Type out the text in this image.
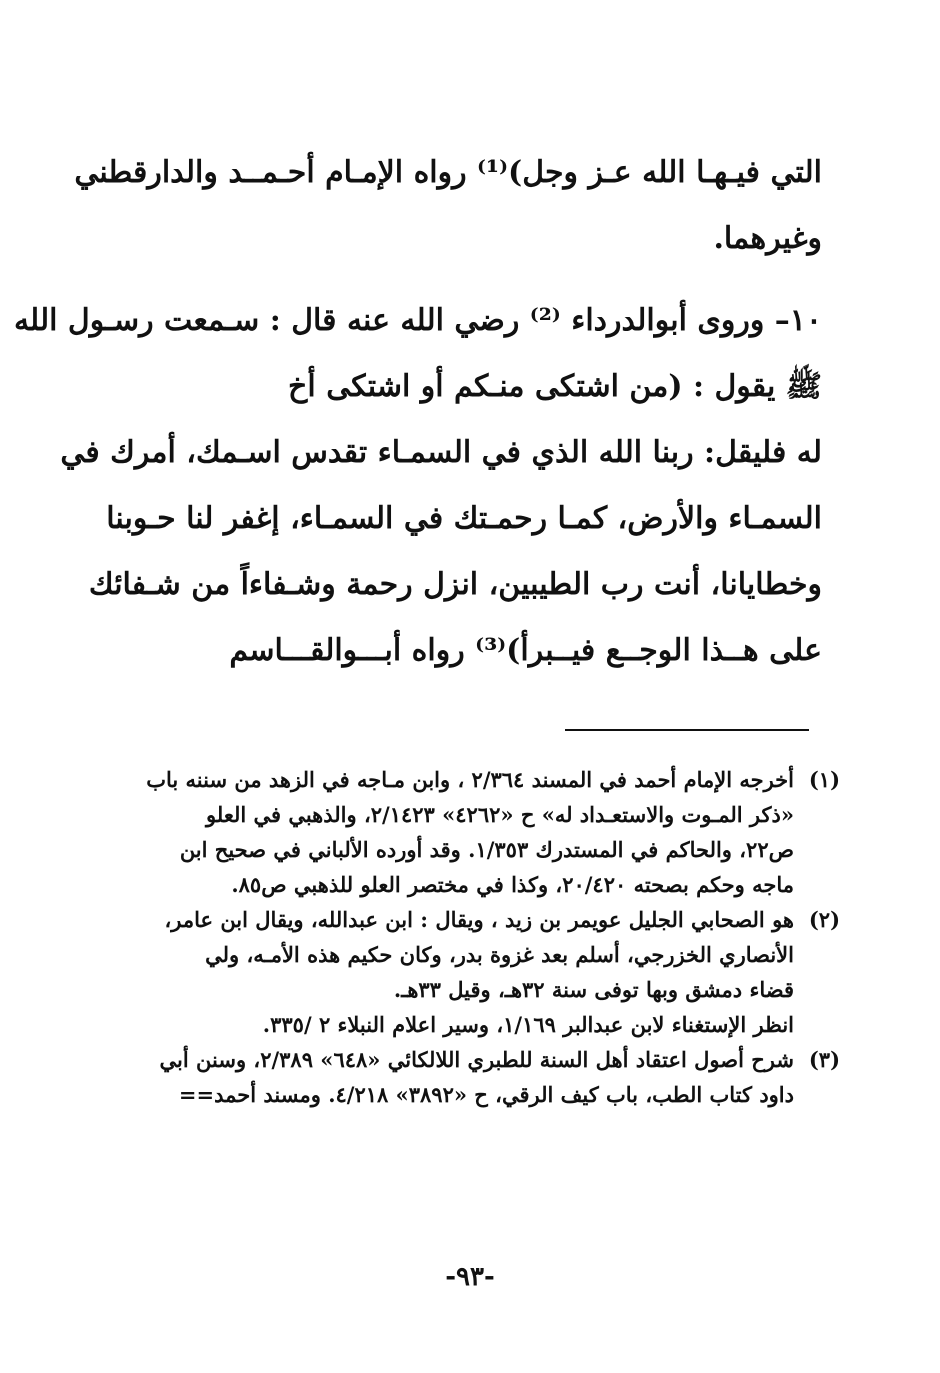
التي فيـهـا الله عـز وجل)⁽¹⁾ رواه الإمـام أحـمــد والدارقطني
وغيرهما.

١٠– وروى أبوالدرداء ⁽²⁾ رضي الله عنه قال : سـمعت رسـول الله
ﷺ يقول : (من اشتكى منـكم أو اشتكى أخ
له فليقل: ربنا الله الذي في السمـاء تقدس اسـمك، أمرك في
السمـاء والأرض، كمـا رحمـتك في السمـاء، إغفر لنا حـوبنا
وخطايانا، أنت رب الطيبين، انزل رحمة وشـفاءاً من شـفائك
على هــذا الوجــع فيــبرأ)⁽³⁾ رواه أبـــوالقـــاسم

(١)
أخرجه الإمام أحمد في المسند ٢/٣٦٤ ، وابن مـاجه في الزهد من سننه باب
«ذكر المـوت والاستعـداد له» ح «٤٢٦٢» ٢/١٤٢٣، والذهبي في العلو
ص٢٢، والحاكم في المستدرك ١/٣٥٣. وقد أورده الألباني في صحيح ابن
ماجه وحكم بصحته ٢٠/٤٢٠، وكذا في مختصر العلو للذهبي ص٨٥.
(٢)
هو الصحابي الجليل عويمر بن زيد ، ويقال : ابن عبدالله، ويقال ابن عامر،
الأنصاري الخزرجي، أسلم بعد غزوة بدر، وكان حكيم هذه الأمـه، ولي
قضاء دمشق وبها توفى سنة ٣٢هـ، وقيل ٣٣هـ.
انظر الإستغناء لابن عبدالبر ١/١٦٩، وسير اعلام النبلاء ٢ /٣٣٥.
(٣)
شرح أصول اعتقاد أهل السنة للطبري اللالكائي «٦٤٨» ٢/٣٨٩، وسنن أبي
داود كتاب الطب، باب كيف الرقي، ح «٣٨٩٢» ٤/٢١٨. ومسند أحمد==
-٩٣-
